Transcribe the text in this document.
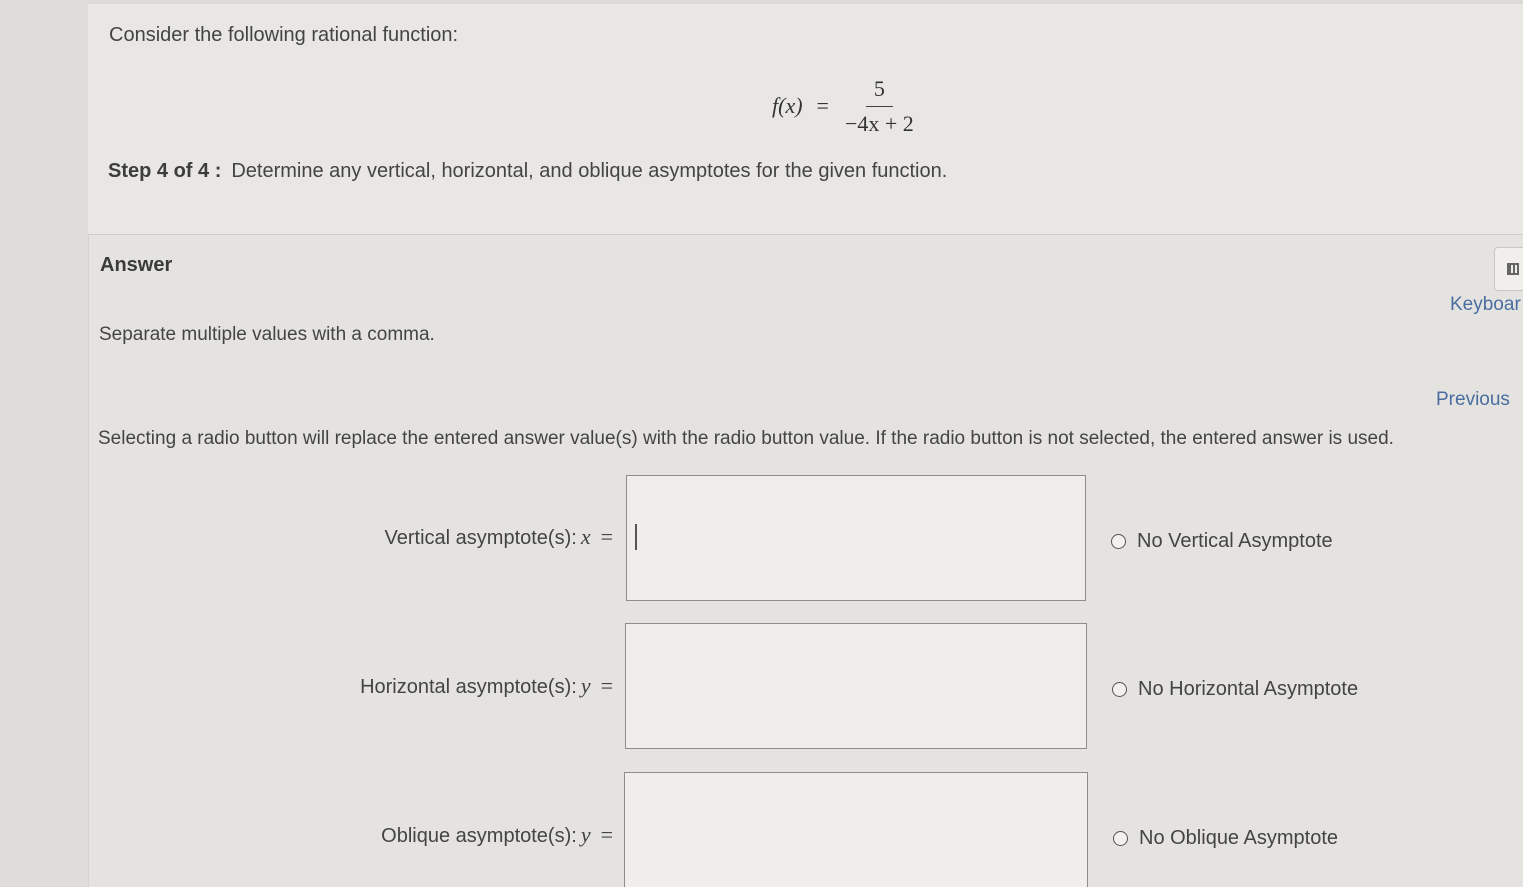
Consider the following rational function:
$f(x) = \frac{5}{-4x + 2}$
Step 4 of 4 : Determine any vertical, horizontal, and oblique asymptotes for the given function.
Answer
Keyboar
Separate multiple values with a comma.
Previous
Selecting a radio button will replace the entered answer value(s) with the radio button value. If the radio button is not selected, the entered answer is used.
Vertical asymptote(s): x =	No Vertical Asymptote
Horizontal asymptote(s): y =	No Horizontal Asymptote
Oblique asymptote(s): y =	No Oblique Asymptote
